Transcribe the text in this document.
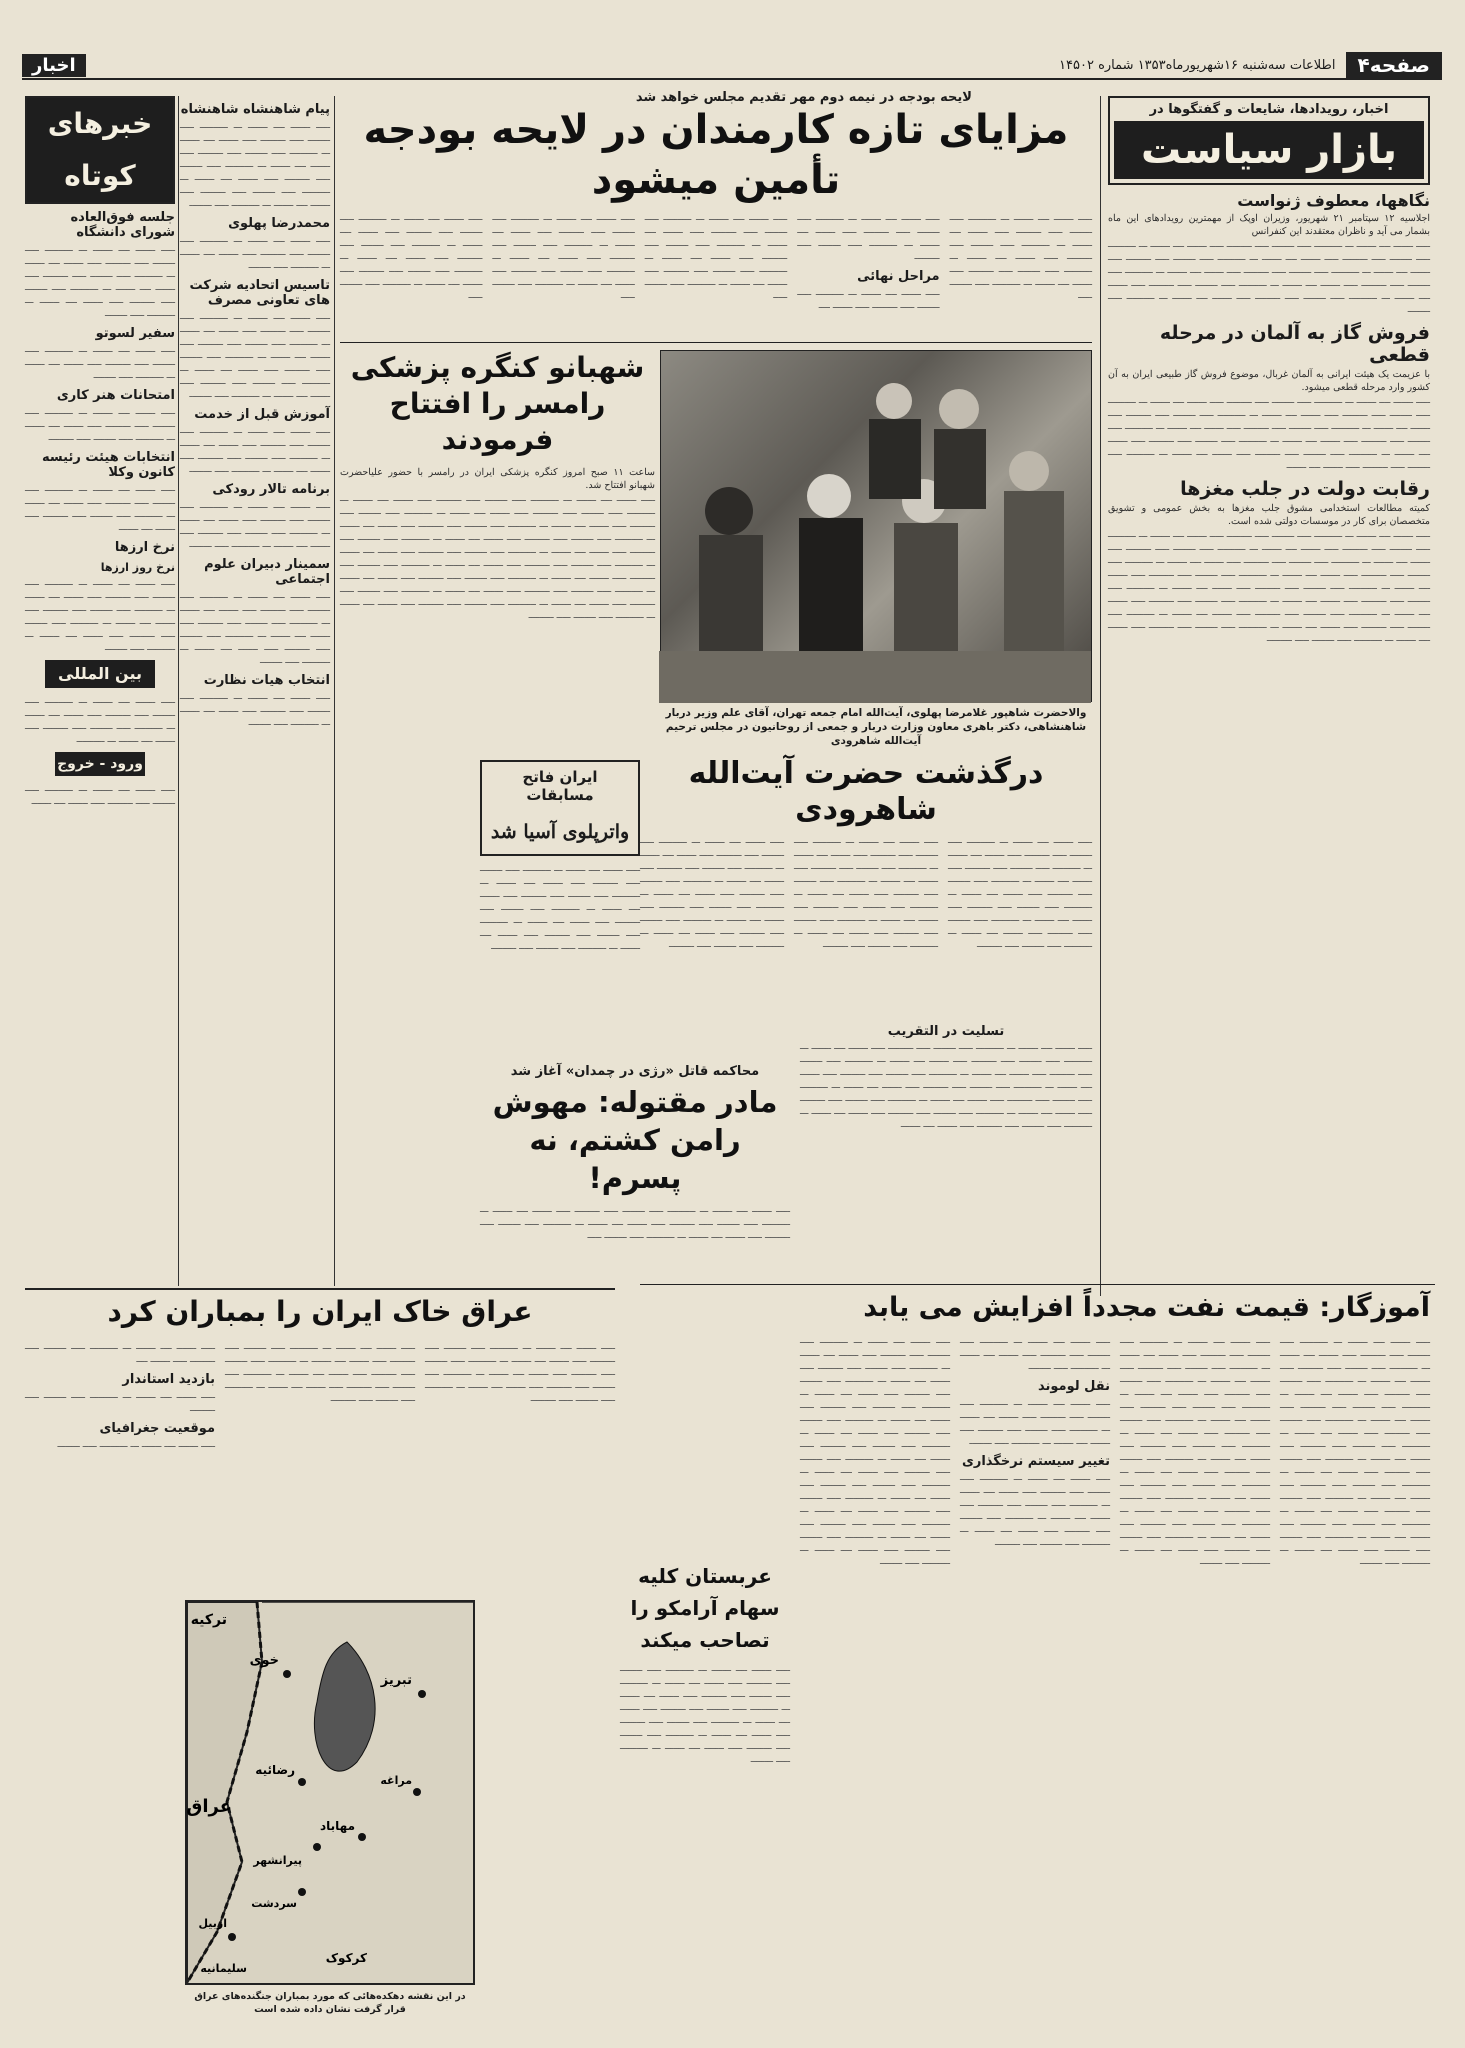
صفحه۴
اطلاعات سه‌شنبه ۱۶شهریورماه۱۳۵۳ شماره ۱۴۵۰۲
اخبار
اخبار، رویدادها، شایعات و گفتگوها در
بازار سیاست
نگاهها، معطوف ژنواست

اجلاسیه ۱۲ سپتامبر ۲۱ شهریور، وزیران اوپک از مهمترین رویدادهای این ماه بشمار می آید و ناظران معتقدند این کنفرانس

ـــــ ـــــــ ــــ ـــــــ ـــ ــــــــــ ـــــ ــــــــ ـــــ ـــــــــ ـــــ ـــــــ ــــ ـــــــ ـــ ــــــــــ ـــــ ــــــــ ـــــ ـــــــــ ـــــ ـــــــ ــــ ـــــــ ـــ ــــــــــ ـــــ ــــــــ ـــــ ـــــــــ ـــــ ـــــــ ــــ ـــــــ ـــ ــــــــــ ـــــ ــــــــ ـــــ ـــــــــ ـــــ ـــــــ ــــ ـــــــ ـــ ــــــــــ ـــــ ــــــــ ـــــ ـــــــــ ـــــ ـــــــ ــــ ـــــــ ـــ ــــــــــ ـــــ ــــــــ ـــــ ـــــــــ ـــــ ـــــــ ــــ ـــــــ ـــ ــــــــــ ـــــ ــــــــ ـــــ ـــــــــ ـــــ ـــــــ ــــ ـــــــ ـــ ــــــــــ ـــــ ــــــــ

فروش گاز به آلمان در مرحله قطعی

با عزیمت یک هیئت ایرانی به آلمان غربال، موضوع فروش گاز طبیعی ایران به آن کشور وارد مرحله قطعی میشود.

ـــــ ـــــــ ــــ ـــــــ ـــ ــــــــــ ـــــ ــــــــ ـــــ ـــــــــ ـــــ ـــــــ ــــ ـــــــ ـــ ــــــــــ ـــــ ــــــــ ـــــ ـــــــــ ـــــ ـــــــ ــــ ـــــــ ـــ ــــــــــ ـــــ ــــــــ ـــــ ـــــــــ ـــــ ـــــــ ــــ ـــــــ ـــ ــــــــــ ـــــ ــــــــ ـــــ ـــــــــ ـــــ ـــــــ ــــ ـــــــ ـــ ــــــــــ ـــــ ــــــــ ـــــ ـــــــــ ـــــ ـــــــ ــــ ـــــــ ـــ ــــــــــ ـــــ ــــــــ ـــــ ـــــــــ ـــــ ـــــــ ــــ ـــــــ ـــ ــــــــــ ـــــ ــــــــ ـــــ ـــــــــ ـــــ ـــــــ ــــ ـــــــ ـــ ــــــــــ ـــــ ــــــــ ـــــ ـــــــــ ـــــ ـــــــ ــــ ـــــــ

رقابت دولت در جلب مغزها

کمیته مطالعات استخدامی مشوق جلب مغزها به بخش عمومی و تشویق متخصصان برای کار در موسسات دولتی شده است.

ـــــ ـــــــ ــــ ـــــــ ـــ ــــــــــ ـــــ ــــــــ ـــــ ـــــــــ ـــــ ـــــــ ــــ ـــــــ ـــ ــــــــــ ـــــ ــــــــ ـــــ ـــــــــ ـــــ ـــــــ ــــ ـــــــ ـــ ــــــــــ ـــــ ــــــــ ـــــ ـــــــــ ـــــ ـــــــ ــــ ـــــــ ـــ ــــــــــ ـــــ ــــــــ ـــــ ـــــــــ ـــــ ـــــــ ــــ ـــــــ ـــ ــــــــــ ـــــ ــــــــ ـــــ ـــــــــ ـــــ ـــــــ ــــ ـــــــ ـــ ــــــــــ ـــــ ــــــــ ـــــ ـــــــــ ـــــ ـــــــ ــــ ـــــــ ـــ ــــــــــ ـــــ ــــــــ ـــــ ـــــــــ ـــــ ـــــــ ــــ ـــــــ ـــ ــــــــــ ـــــ ــــــــ ـــــ ـــــــــ ـــــ ـــــــ ــــ ـــــــ ـــ ــــــــــ ـــــ ــــــــ ـــــ ـــــــــ ـــــ ـــــــ ــــ ـــــــ ـــ ــــــــــ ـــــ ــــــــ ـــــ ـــــــــ ـــــ ـــــــ ــــ ـــــــ ـــ ــــــــــ ـــــ ــــــــ ـــــ ـــــــــ ـــــ ـــــــ ــــ ـــــــ ـــ ــــــــــ ـــــ ــــــــ ـــــ ـــــــــ ـــــ ـــــــ ــــ ـــــــ ـــ ــــــــــ ـــــ ــــــــ ـــــ ـــــــــ

لایحه بودجه در نیمه دوم مهر تقدیم مجلس خواهد شد
مزایای تازه کارمندان در لایحه بودجه تأمین میشود

ـــــ ـــــــ ــــ ـــــــ ـــ ــــــــــ ـــــ ــــــــ ـــــ ـــــــــ ـــــ ـــــــ ــــ ـــــــ ـــ ــــــــــ ـــــ ــــــــ ـــــ ـــــــــ ـــــ ـــــــ ــــ ـــــــ ـــ ــــــــــ ـــــ ــــــــ ـــــ ـــــــــ ـــــ ـــــــ ــــ ـــــــ ـــ ــــــــــ ـــــ ــــــــ ـــــ

ـــــ ـــــــ ــــ ـــــــ ـــ ــــــــــ ـــــ ــــــــ ـــــ ـــــــــ ـــــ ـــــــ ــــ ـــــــ ـــ ــــــــــ ـــــ ــــــــ ـــــ ـــــــــ

مراحل نهائی

ـــــ ـــــــ ــــ ـــــــ ـــ ــــــــــ ـــــ ــــــــ ـــــ ـــــــــ ـــــ ـــــــ ــــ

ـــــ ـــــــ ــــ ـــــــ ـــ ــــــــــ ـــــ ــــــــ ـــــ ـــــــــ ـــــ ـــــــ ــــ ـــــــ ـــ ــــــــــ ـــــ ــــــــ ـــــ ـــــــــ ـــــ ـــــــ ــــ ـــــــ ـــ ــــــــــ ـــــ ــــــــ ـــــ ـــــــــ ـــــ ـــــــ ــــ ـــــــ ـــ ــــــــــ ـــــ ــــــــ ـــــ

ـــــ ـــــــ ــــ ـــــــ ـــ ــــــــــ ـــــ ــــــــ ـــــ ـــــــــ ـــــ ـــــــ ــــ ـــــــ ـــ ــــــــــ ـــــ ــــــــ ـــــ ـــــــــ ـــــ ـــــــ ــــ ـــــــ ـــ ــــــــــ ـــــ ــــــــ ـــــ ـــــــــ ـــــ ـــــــ ــــ ـــــــ ـــ ــــــــــ ـــــ ــــــــ ـــــ

ـــــ ـــــــ ــــ ـــــــ ـــ ــــــــــ ـــــ ــــــــ ـــــ ـــــــــ ـــــ ـــــــ ــــ ـــــــ ـــ ــــــــــ ـــــ ــــــــ ـــــ ـــــــــ ـــــ ـــــــ ــــ ـــــــ ـــ ــــــــــ ـــــ ــــــــ ـــــ ـــــــــ ـــــ ـــــــ ــــ ـــــــ ـــ ــــــــــ ـــــ ــــــــ ـــــ

شهبانو کنگره پزشکی رامسر را افتتاح فرمودند

ساعت ۱۱ صبح امروز کنگره پزشکی ایران در رامسر با حضور علیاحضرت شهبانو افتتاح شد.

ـــــ ـــــــ ــــ ـــــــ ـــ ــــــــــ ـــــ ــــــــ ـــــ ـــــــــ ـــــ ـــــــ ــــ ـــــــ ـــ ــــــــــ ـــــ ــــــــ ـــــ ـــــــــ ـــــ ـــــــ ــــ ـــــــ ـــ ــــــــــ ـــــ ــــــــ ـــــ ـــــــــ ـــــ ـــــــ ــــ ـــــــ ـــ ــــــــــ ـــــ ــــــــ ـــــ ـــــــــ ـــــ ـــــــ ــــ ـــــــ ـــ ــــــــــ ـــــ ــــــــ ـــــ ـــــــــ ـــــ ـــــــ ــــ ـــــــ ـــ ــــــــــ ـــــ ــــــــ ـــــ ـــــــــ ـــــ ـــــــ ــــ ـــــــ ـــ ــــــــــ ـــــ ــــــــ ـــــ ـــــــــ ـــــ ـــــــ ــــ ـــــــ ـــ ــــــــــ ـــــ ــــــــ ـــــ ـــــــــ ـــــ ـــــــ ــــ ـــــــ ـــ ــــــــــ ـــــ ــــــــ ـــــ ـــــــــ ـــــ ـــــــ ــــ ـــــــ ـــ ــــــــــ ـــــ ــــــــ ـــــ ـــــــــ ـــــ ـــــــ ــــ ـــــــ ـــ ــــــــــ ـــــ ــــــــ ـــــ ـــــــــ ـــــ ـــــــ ــــ ـــــــ ـــ ــــــــــ ـــــ ــــــــ ـــــ ـــــــــ ـــــ ـــــــ ــــ ـــــــ ـــ ــــــــــ ـــــ ــــــــ ـــــ ـــــــــ ـــــ ـــــــ ــــ ـــــــ ـــ ــــــــــ ـــــ ــــــــ ـــــ ـــــــــ

والاحضرت شاهپور غلامرضا پهلوی، آیت‌الله امام جمعه تهران، آقای علم وزیر دربار شاهنشاهی، دکتر باهری معاون وزارت دربار و جمعی از روحانیون در مجلس ترحیم آیت‌الله شاهرودی
درگذشت حضرت آیت‌الله شاهرودی

ـــــ ـــــــ ــــ ـــــــ ـــ ــــــــــ ـــــ ــــــــ ـــــ ـــــــــ ـــــ ـــــــ ــــ ـــــــ ـــ ــــــــــ ـــــ ــــــــ ـــــ ـــــــــ ـــــ ـــــــ ــــ ـــــــ ـــ ــــــــــ ـــــ ــــــــ ـــــ ـــــــــ ـــــ ـــــــ ــــ ـــــــ ـــ ــــــــــ ـــــ ــــــــ ـــــ ـــــــــ ـــــ ـــــــ ــــ ـــــــ ـــ ــــــــــ ـــــ ــــــــ ـــــ ـــــــــ ـــــ ـــــــ ــــ ـــــــ ـــ ــــــــــ ـــــ ــــــــ ـــــ ـــــــــ

ـــــ ـــــــ ــــ ـــــــ ـــ ــــــــــ ـــــ ــــــــ ـــــ ـــــــــ ـــــ ـــــــ ــــ ـــــــ ـــ ــــــــــ ـــــ ــــــــ ـــــ ـــــــــ ـــــ ـــــــ ــــ ـــــــ ـــ ــــــــــ ـــــ ــــــــ ـــــ ـــــــــ ـــــ ـــــــ ــــ ـــــــ ـــ ــــــــــ ـــــ ــــــــ ـــــ ـــــــــ ـــــ ـــــــ ــــ ـــــــ ـــ ــــــــــ ـــــ ــــــــ ـــــ ـــــــــ ـــــ ـــــــ ــــ ـــــــ ـــ ــــــــــ ـــــ ــــــــ ـــــ ـــــــــ

ـــــ ـــــــ ــــ ـــــــ ـــ ــــــــــ ـــــ ــــــــ ـــــ ـــــــــ ـــــ ـــــــ ــــ ـــــــ ـــ ــــــــــ ـــــ ــــــــ ـــــ ـــــــــ ـــــ ـــــــ ــــ ـــــــ ـــ ــــــــــ ـــــ ــــــــ ـــــ ـــــــــ ـــــ ـــــــ ــــ ـــــــ ـــ ــــــــــ ـــــ ــــــــ ـــــ ـــــــــ ـــــ ـــــــ ــــ ـــــــ ـــ ــــــــــ ـــــ ــــــــ ـــــ ـــــــــ ـــــ ـــــــ ــــ ـــــــ ـــ ــــــــــ ـــــ ــــــــ ـــــ ـــــــــ

تسلیت در التقریب

ـــــ ـــــــ ــــ ـــــــ ـــ ــــــــــ ـــــ ــــــــ ـــــ ـــــــــ ـــــ ـــــــ ــــ ـــــــ ـــ ــــــــــ ـــــ ــــــــ ـــــ ـــــــــ ـــــ ـــــــ ــــ ـــــــ ـــ ــــــــــ ـــــ ــــــــ ـــــ ـــــــــ ـــــ ـــــــ ــــ ـــــــ ـــ ــــــــــ ـــــ ــــــــ ـــــ ـــــــــ ـــــ ـــــــ ــــ ـــــــ ـــ ــــــــــ ـــــ ــــــــ ـــــ ـــــــــ ـــــ ـــــــ ــــ ـــــــ ـــ ــــــــــ ـــــ ــــــــ ـــــ ـــــــــ ـــــ ـــــــ ــــ ـــــــ ـــ ــــــــــ ـــــ ــــــــ ـــــ ـــــــــ ـــــ ـــــــ ــــ ـــــــ ـــ ــــــــــ ـــــ ــــــــ ـــــ ـــــــــ ـــــ ـــــــ ــــ ـــــــ ـــ ــــــــــ ـــــ ــــــــ ـــــ ـــــــــ ـــــ ـــــــ ــــ ـــــــ

ایران فاتح مسابقات
واترپلوی آسیا شد

ـــــ ـــــــ ــــ ـــــــ ـــ ــــــــــ ـــــ ــــــــ ـــــ ـــــــــ ـــــ ـــــــ ــــ ـــــــ ـــ ــــــــــ ـــــ ــــــــ ـــــ ـــــــــ ـــــ ـــــــ ــــ ـــــــ ـــ ــــــــــ ـــــ ــــــــ ـــــ ـــــــــ ـــــ ـــــــ ــــ ـــــــ ـــ ــــــــــ ـــــ ــــــــ ـــــ ـــــــــ ـــــ ـــــــ ــــ ـــــــ ـــ ــــــــــ ـــــ ــــــــ ـــــ ـــــــــ

محاکمه قاتل «رژی در چمدان» آغاز شد
مادر مقتوله: مهوش رامن کشتم، نه پسرم!

ـــــ ـــــــ ــــ ـــــــ ـــ ــــــــــ ـــــ ــــــــ ـــــ ـــــــــ ـــــ ـــــــ ــــ ـــــــ ـــ ــــــــــ ـــــ ــــــــ ـــــ ـــــــــ ـــــ ـــــــ ــــ ـــــــ ـــ ــــــــــ ـــــ ــــــــ ـــــ ـــــــــ ـــــ ـــــــ ــــ ـــــــ ـــ ــــــــــ ـــــ ــــــــ ـــــ

پیام شاهنشاه شاهنشاه

ـــــ ـــــــ ــــ ـــــــ ـــ ــــــــــ ـــــ ــــــــ ـــــ ـــــــــ ـــــ ـــــــ ــــ ـــــــ ـــ ــــــــــ ـــــ ــــــــ ـــــ ـــــــــ ـــــ ـــــــ ــــ ـــــــ ـــ ــــــــــ ـــــ ــــــــ ـــــ ـــــــــ ـــــ ـــــــ ــــ ـــــــ ـــ ــــــــــ ـــــ ــــــــ ـــــ ـــــــــ ـــــ ـــــــ ــــ ـــــــ ـــ ــــــــــ ـــــ ــــــــ

محمدرضا پهلوی

ـــــ ـــــــ ــــ ـــــــ ـــ ــــــــــ ـــــ ــــــــ ـــــ ـــــــــ ـــــ ـــــــ ــــ ـــــــ ـــ ــــــــــ ـــــ ــــــــ

تاسیس اتحادیه شرکت های تعاونی مصرف

ـــــ ـــــــ ــــ ـــــــ ـــ ــــــــــ ـــــ ــــــــ ـــــ ـــــــــ ـــــ ـــــــ ــــ ـــــــ ـــ ــــــــــ ـــــ ــــــــ ـــــ ـــــــــ ـــــ ـــــــ ــــ ـــــــ ـــ ــــــــــ ـــــ ــــــــ ـــــ ـــــــــ ـــــ ـــــــ ــــ ـــــــ ـــ ــــــــــ ـــــ ــــــــ ـــــ ـــــــــ ـــــ ـــــــ ــــ ـــــــ ـــ ــــــــــ ـــــ ــــــــ

آموزش قبل از خدمت

ـــــ ـــــــ ــــ ـــــــ ـــ ــــــــــ ـــــ ــــــــ ـــــ ـــــــــ ـــــ ـــــــ ــــ ـــــــ ـــ ــــــــــ ـــــ ــــــــ ـــــ ـــــــــ ـــــ ـــــــ ــــ ـــــــ ـــ ــــــــــ ـــــ ــــــــ

برنامه تالار رودکی

ـــــ ـــــــ ــــ ـــــــ ـــ ــــــــــ ـــــ ــــــــ ـــــ ـــــــــ ـــــ ـــــــ ــــ ـــــــ ـــ ــــــــــ ـــــ ــــــــ ـــــ ـــــــــ ـــــ ـــــــ ــــ ـــــــ ـــ ــــــــــ ـــــ ــــــــ

سمینار دبیران علوم اجتماعی

ـــــ ـــــــ ــــ ـــــــ ـــ ــــــــــ ـــــ ــــــــ ـــــ ـــــــــ ـــــ ـــــــ ــــ ـــــــ ـــ ــــــــــ ـــــ ــــــــ ـــــ ـــــــــ ـــــ ـــــــ ــــ ـــــــ ـــ ــــــــــ ـــــ ــــــــ ـــــ ـــــــــ ـــــ ـــــــ ــــ ـــــــ ـــ ــــــــــ ـــــ ــــــــ

انتخاب هیات نظارت

ـــــ ـــــــ ــــ ـــــــ ـــ ــــــــــ ـــــ ــــــــ ـــــ ـــــــــ ـــــ ـــــــ ــــ ـــــــ ـــ ــــــــــ ـــــ ــــــــ

خبرهای کوتاه
جلسه فوق‌العاده شورای دانشگاه

ـــــ ـــــــ ــــ ـــــــ ـــ ــــــــــ ـــــ ــــــــ ـــــ ـــــــــ ـــــ ـــــــ ــــ ـــــــ ـــ ــــــــــ ـــــ ــــــــ ـــــ ـــــــــ ـــــ ـــــــ ــــ ـــــــ ـــ ــــــــــ ـــــ ــــــــ ـــــ ـــــــــ ـــــ ـــــــ ــــ ـــــــ ـــ ــــــــــ ـــــ ــــــــ

سفیر لسوتو

ـــــ ـــــــ ــــ ـــــــ ـــ ــــــــــ ـــــ ــــــــ ـــــ ـــــــــ ـــــ ـــــــ ــــ ـــــــ ـــ ــــــــــ ـــــ ــــــــ

امتحانات هنر کاری

ـــــ ـــــــ ــــ ـــــــ ـــ ــــــــــ ـــــ ــــــــ ـــــ ـــــــــ ـــــ ـــــــ ــــ ـــــــ ـــ ــــــــــ ـــــ ــــــــ ـــــ ـــــــــ

انتخابات هیئت رئیسه کانون وکلا

ـــــ ـــــــ ــــ ـــــــ ـــ ــــــــــ ـــــ ــــــــ ـــــ ـــــــــ ـــــ ـــــــ ــــ ـــــــ ـــ ــــــــــ ـــــ ــــــــ ـــــ ـــــــــ ـــــ ـــــــ ــــ ـــــــ

نرخ ارزها
نرخ روز ارزها

ـــــ ـــــــ ــــ ـــــــ ـــ ــــــــــ ـــــ ــــــــ ـــــ ـــــــــ ـــــ ـــــــ ــــ ـــــــ ـــ ــــــــــ ـــــ ــــــــ ـــــ ـــــــــ ـــــ ـــــــ ــــ ـــــــ ـــ ــــــــــ ـــــ ــــــــ ـــــ ـــــــــ ـــــ ـــــــ ــــ ـــــــ ـــ ــــــــــ ـــــ ــــــــ

بین المللی

ـــــ ـــــــ ــــ ـــــــ ـــ ــــــــــ ـــــ ــــــــ ـــــ ـــــــــ ـــــ ـــــــ ــــ ـــــــ ـــ ــــــــــ ـــــ ــــــــ ـــــ ـــــــــ ـــــ ـــــــ ــــ ـــــــ ـــ ــــــــــ

ورود - خروج

ـــــ ـــــــ ــــ ـــــــ ـــ ــــــــــ ـــــ ــــــــ ـــــ ـــــــــ ـــــ ـــــــ ــــ ـــــــ

آموزگار: قیمت نفت مجدداً افزایش می یابد

ـــــ ـــــــ ــــ ـــــــ ـــ ــــــــــ ـــــ ــــــــ ـــــ ـــــــــ ـــــ ـــــــ ــــ ـــــــ ـــ ــــــــــ ـــــ ــــــــ ـــــ ـــــــــ ـــــ ـــــــ ــــ ـــــــ ـــ ــــــــــ ـــــ ــــــــ ـــــ ـــــــــ ـــــ ـــــــ ــــ ـــــــ ـــ ــــــــــ ـــــ ــــــــ ـــــ ـــــــــ ـــــ ـــــــ ــــ ـــــــ ـــ ــــــــــ ـــــ ــــــــ ـــــ ـــــــــ ـــــ ـــــــ ــــ ـــــــ ـــ ــــــــــ ـــــ ــــــــ ـــــ ـــــــــ ـــــ ـــــــ ــــ ـــــــ ـــ ــــــــــ ـــــ ــــــــ ـــــ ـــــــــ ـــــ ـــــــ ــــ ـــــــ ـــ ــــــــــ ـــــ ــــــــ ـــــ ـــــــــ ـــــ ـــــــ ــــ ـــــــ ـــ ــــــــــ ـــــ ــــــــ ـــــ ـــــــــ ـــــ ـــــــ ــــ ـــــــ ـــ ــــــــــ ـــــ ــــــــ ـــــ ـــــــــ ـــــ ـــــــ ــــ ـــــــ ـــ ــــــــــ ـــــ ــــــــ ـــــ ـــــــــ ـــــ ـــــــ ــــ ـــــــ ـــ ــــــــــ ـــــ ــــــــ

ـــــ ـــــــ ــــ ـــــــ ـــ ــــــــــ ـــــ ــــــــ ـــــ ـــــــــ ـــــ ـــــــ ــــ ـــــــ ـــ ــــــــــ ـــــ ــــــــ ـــــ ـــــــــ ـــــ ـــــــ ــــ ـــــــ ـــ ــــــــــ ـــــ ــــــــ ـــــ ـــــــــ ـــــ ـــــــ ــــ ـــــــ ـــ ــــــــــ ـــــ ــــــــ ـــــ ـــــــــ ـــــ ـــــــ ــــ ـــــــ ـــ ــــــــــ ـــــ ــــــــ ـــــ ـــــــــ ـــــ ـــــــ ــــ ـــــــ ـــ ــــــــــ ـــــ ــــــــ ـــــ ـــــــــ ـــــ ـــــــ ــــ ـــــــ ـــ ــــــــــ ـــــ ــــــــ ـــــ ـــــــــ ـــــ ـــــــ ــــ ـــــــ ـــ ــــــــــ ـــــ ــــــــ ـــــ ـــــــــ ـــــ ـــــــ ــــ ـــــــ ـــ ــــــــــ ـــــ ــــــــ ـــــ ـــــــــ ـــــ ـــــــ ــــ ـــــــ ـــ ــــــــــ ـــــ ــــــــ ـــــ ـــــــــ ـــــ ـــــــ ــــ ـــــــ ـــ ــــــــــ ـــــ ــــــــ ـــــ ـــــــــ ـــــ ـــــــ ــــ ـــــــ ـــ ــــــــــ ـــــ ــــــــ

ـــــ ـــــــ ــــ ـــــــ ـــ ــــــــــ ـــــ ــــــــ ـــــ ـــــــــ ـــــ ـــــــ ــــ ـــــــ ـــ ــــــــــ ـــــ ــــــــ

نقل لوموند

ـــــ ـــــــ ــــ ـــــــ ـــ ــــــــــ ـــــ ــــــــ ـــــ ـــــــــ ـــــ ـــــــ ــــ ـــــــ ـــ ــــــــــ ـــــ ــــــــ ـــــ ـــــــــ ـــــ ـــــــ ــــ ـــــــ ـــ ــــــــــ ـــــ ــــــــ

تغییر سیستم نرخگذاری

ـــــ ـــــــ ــــ ـــــــ ـــ ــــــــــ ـــــ ــــــــ ـــــ ـــــــــ ـــــ ـــــــ ــــ ـــــــ ـــ ــــــــــ ـــــ ــــــــ ـــــ ـــــــــ ـــــ ـــــــ ــــ ـــــــ ـــ ــــــــــ ـــــ ــــــــ ـــــ ـــــــــ ـــــ ـــــــ ــــ ـــــــ ـــ ــــــــــ ـــــ ــــــــ ـــــ ـــــــــ

ـــــ ـــــــ ــــ ـــــــ ـــ ــــــــــ ـــــ ــــــــ ـــــ ـــــــــ ـــــ ـــــــ ــــ ـــــــ ـــ ــــــــــ ـــــ ــــــــ ـــــ ـــــــــ ـــــ ـــــــ ــــ ـــــــ ـــ ــــــــــ ـــــ ــــــــ ـــــ ـــــــــ ـــــ ـــــــ ــــ ـــــــ ـــ ــــــــــ ـــــ ــــــــ ـــــ ـــــــــ ـــــ ـــــــ ــــ ـــــــ ـــ ــــــــــ ـــــ ــــــــ ـــــ ـــــــــ ـــــ ـــــــ ــــ ـــــــ ـــ ــــــــــ ـــــ ــــــــ ـــــ ـــــــــ ـــــ ـــــــ ــــ ـــــــ ـــ ــــــــــ ـــــ ــــــــ ـــــ ـــــــــ ـــــ ـــــــ ــــ ـــــــ ـــ ــــــــــ ـــــ ــــــــ ـــــ ـــــــــ ـــــ ـــــــ ــــ ـــــــ ـــ ــــــــــ ـــــ ــــــــ ـــــ ـــــــــ ـــــ ـــــــ ــــ ـــــــ ـــ ــــــــــ ـــــ ــــــــ ـــــ ـــــــــ ـــــ ـــــــ ــــ ـــــــ ـــ ــــــــــ ـــــ ــــــــ ـــــ ـــــــــ ـــــ ـــــــ ــــ ـــــــ ـــ ــــــــــ ـــــ ــــــــ

عربستان کلیه سهام آرامکو را تصاحب میکند

ـــــ ـــــــ ــــ ـــــــ ـــ ــــــــــ ـــــ ــــــــ ـــــ ـــــــــ ـــــ ـــــــ ــــ ـــــــ ـــ ــــــــــ ـــــ ــــــــ ـــــ ـــــــــ ـــــ ـــــــ ــــ ـــــــ ـــ ــــــــــ ـــــ ــــــــ ـــــ ـــــــــ ـــــ ـــــــ ــــ ـــــــ ـــ ــــــــــ ـــــ ــــــــ ـــــ ـــــــــ ـــــ ـــــــ ــــ ـــــــ ـــ ــــــــــ ـــــ ــــــــ ـــــ ـــــــــ ـــــ ـــــــ ــــ ـــــــ ـــ ــــــــــ ـــــ ــــــــ

عراق خاک ایران را بمباران کرد

ـــــ ـــــــ ــــ ـــــــ ـــ ــــــــــ ـــــ ــــــــ ـــــ ـــــــــ ـــــ ـــــــ ــــ ـــــــ ـــ ــــــــــ ـــــ ــــــــ ـــــ ـــــــــ ـــــ ـــــــ ــــ ـــــــ ـــ ــــــــــ ـــــ ــــــــ ـــــ ـــــــــ ـــــ ـــــــ ــــ ـــــــ ـــ ــــــــــ ـــــ ــــــــ ـــــ ـــــــــ

ـــــ ـــــــ ــــ ـــــــ ـــ ــــــــــ ـــــ ــــــــ ـــــ ـــــــــ ـــــ ـــــــ ــــ ـــــــ ـــ ــــــــــ ـــــ ــــــــ ـــــ ـــــــــ ـــــ ـــــــ ــــ ـــــــ ـــ ــــــــــ ـــــ ــــــــ ـــــ ـــــــــ ـــــ ـــــــ ــــ ـــــــ ـــ ــــــــــ ـــــ ــــــــ ـــــ ـــــــــ

ـــــ ـــــــ ــــ ـــــــ ـــ ــــــــــ ـــــ ــــــــ ـــــ ـــــــــ ـــــ ـــــــ ــــ

بازدید استاندار

ـــــ ـــــــ ــــ ـــــــ ـــ ــــــــــ ـــــ ــــــــ ـــــ ـــــــــ

موقعیت جغرافیای

ـــــ ـــــــ ــــ ـــــــ ـــ ــــــــــ ـــــ ــــــــ

ترکیه
خوی
تبریز
عراق
رضائیه
مهاباد
پیرانشهر
اربیل
سردشت
کرکوک
سلیمانیه
مراغه
در این نقشه دهکده‌هائی که مورد بمباران جنگنده‌های عراق قرار گرفت نشان داده شده است
